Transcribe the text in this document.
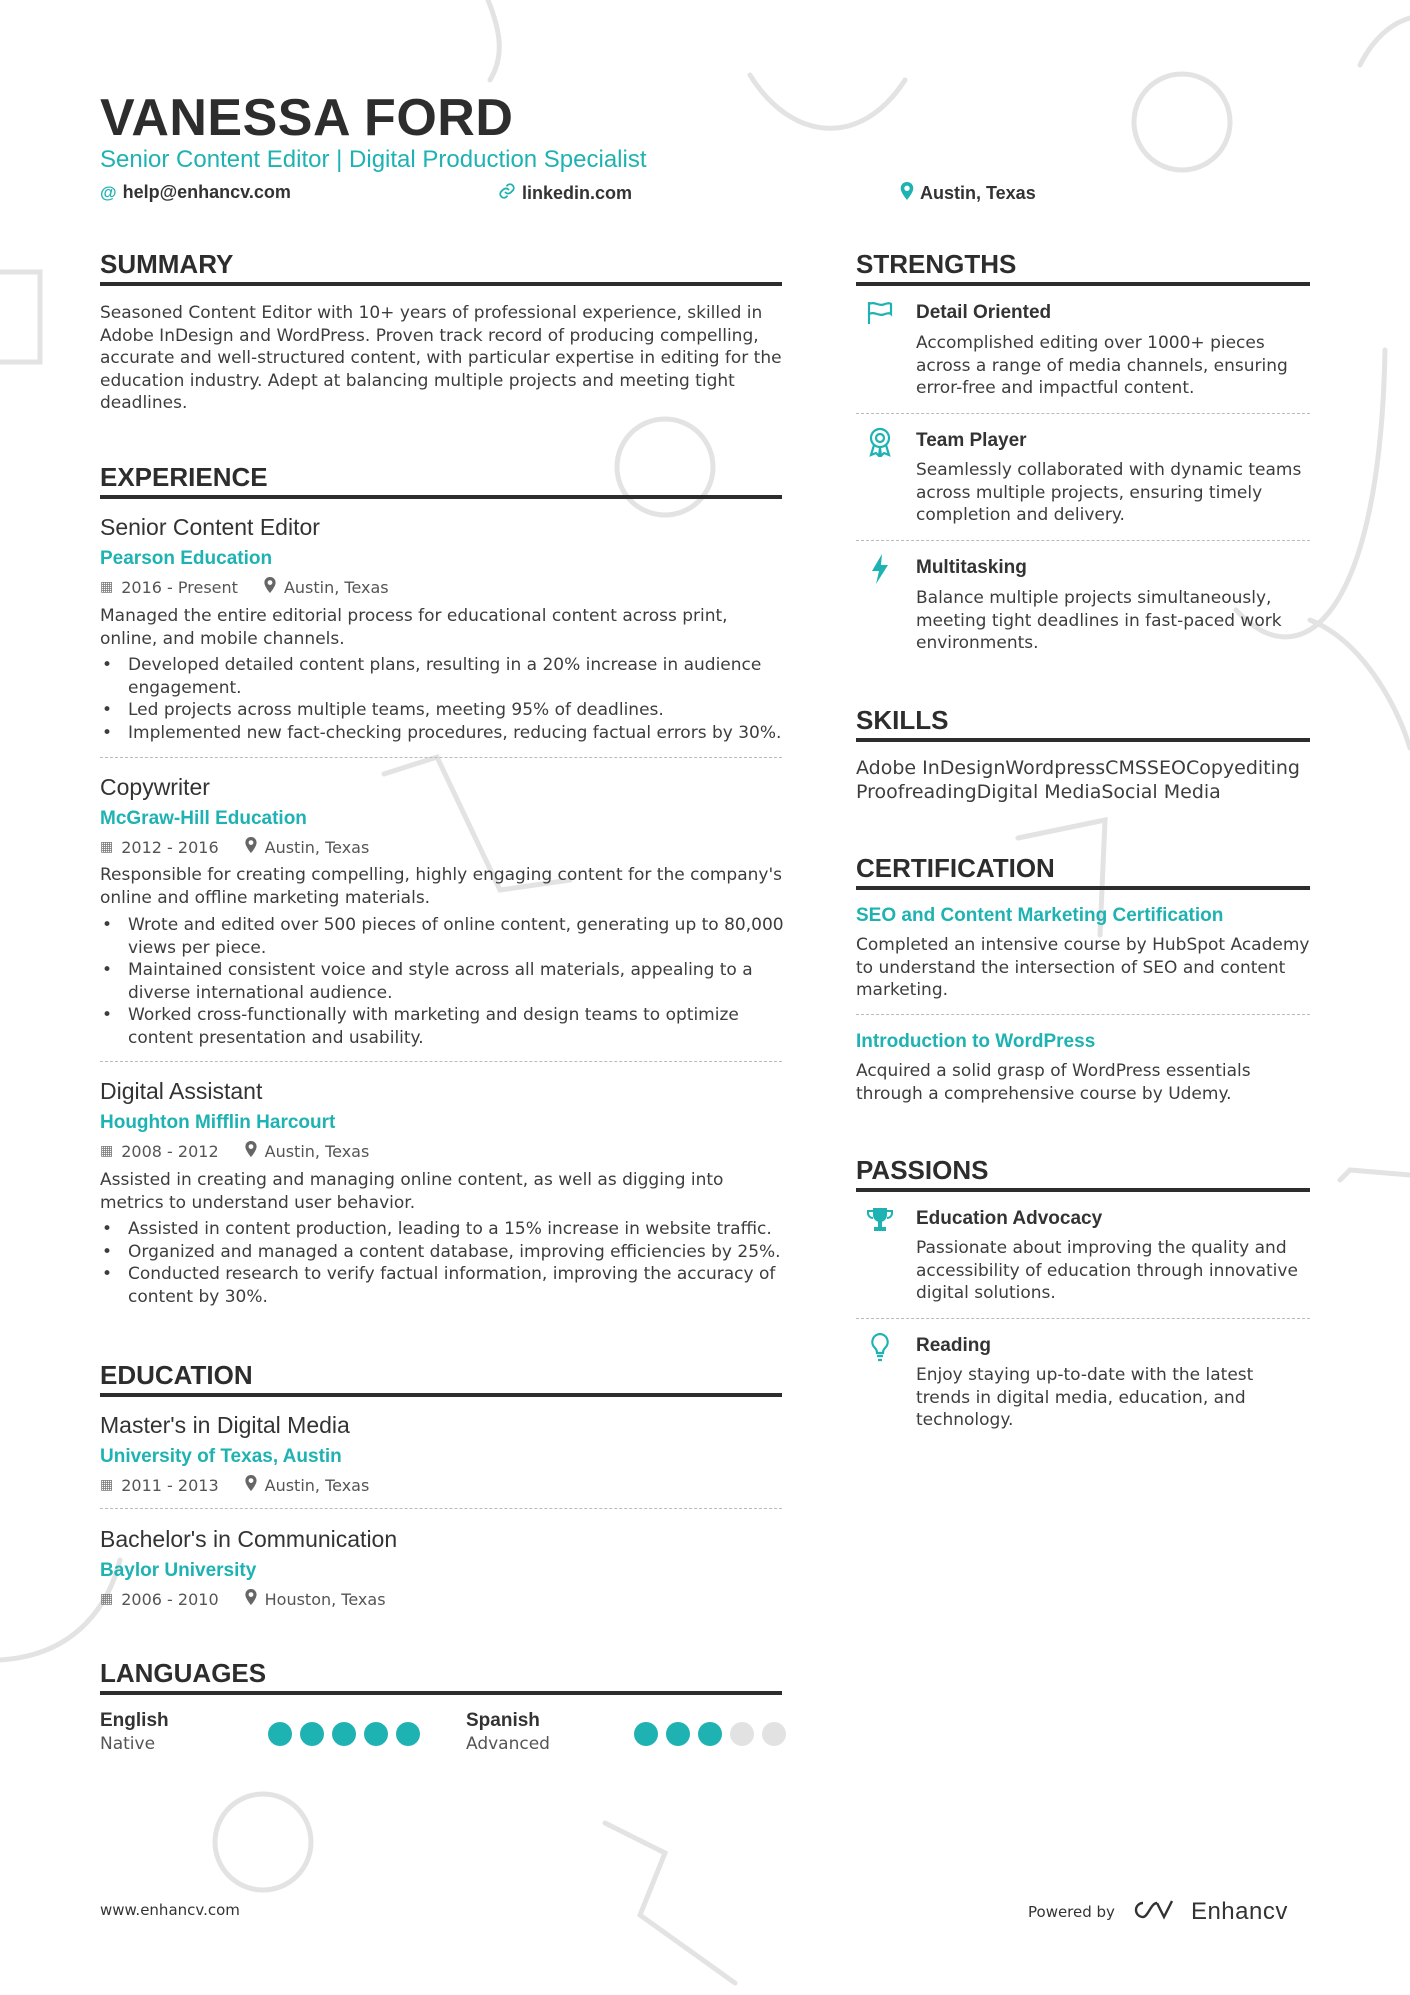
VANESSA FORD
Senior Content Editor | Digital Production Specialist
@ help@enhancv.com	linkedin.com	Austin, Texas
SUMMARY
Seasoned Content Editor with 10+ years of professional experience, skilled in Adobe InDesign and WordPress. Proven track record of producing compelling, accurate and well-structured content, with particular expertise in editing for the education industry. Adept at balancing multiple projects and meeting tight deadlines.
EXPERIENCE
Senior Content Editor
Pearson Education
▦ 2016 - Present	Austin, Texas
Managed the entire editorial process for educational content across print, online, and mobile channels.
• Developed detailed content plans, resulting in a 20% increase in audience engagement.
• Led projects across multiple teams, meeting 95% of deadlines.
• Implemented new fact-checking procedures, reducing factual errors by 30%.
Copywriter
McGraw-Hill Education
▦ 2012 - 2016	Austin, Texas
Responsible for creating compelling, highly engaging content for the company's online and offline marketing materials.
• Wrote and edited over 500 pieces of online content, generating up to 80,000 views per piece.
• Maintained consistent voice and style across all materials, appealing to a diverse international audience.
• Worked cross-functionally with marketing and design teams to optimize content presentation and usability.
Digital Assistant
Houghton Mifflin Harcourt
▦ 2008 - 2012	Austin, Texas
Assisted in creating and managing online content, as well as digging into metrics to understand user behavior.
• Assisted in content production, leading to a 15% increase in website traffic.
• Organized and managed a content database, improving efficiencies by 25%.
• Conducted research to verify factual information, improving the accuracy of content by 30%.
EDUCATION
Master's in Digital Media
University of Texas, Austin
▦ 2011 - 2013	Austin, Texas
Bachelor's in Communication
Baylor University
▦ 2006 - 2010	Houston, Texas
LANGUAGES
English
Native
Spanish
Advanced
STRENGTHS
Detail Oriented
Accomplished editing over 1000+ pieces across a range of media channels, ensuring error-free and impactful content.
Team Player
Seamlessly collaborated with dynamic teams across multiple projects, ensuring timely completion and delivery.
Multitasking
Balance multiple projects simultaneously, meeting tight deadlines in fast-paced work environments.
SKILLS
Adobe InDesign Wordpress CMS SEO Copyediting
Proofreading Digital Media Social Media
CERTIFICATION
SEO and Content Marketing Certification
Completed an intensive course by HubSpot Academy to understand the intersection of SEO and content marketing.
Introduction to WordPress
Acquired a solid grasp of WordPress essentials through a comprehensive course by Udemy.
PASSIONS
Education Advocacy
Passionate about improving the quality and accessibility of education through innovative digital solutions.
Reading
Enjoy staying up-to-date with the latest trends in digital media, education, and technology.
www.enhancv.com	Powered by	Enhancv
